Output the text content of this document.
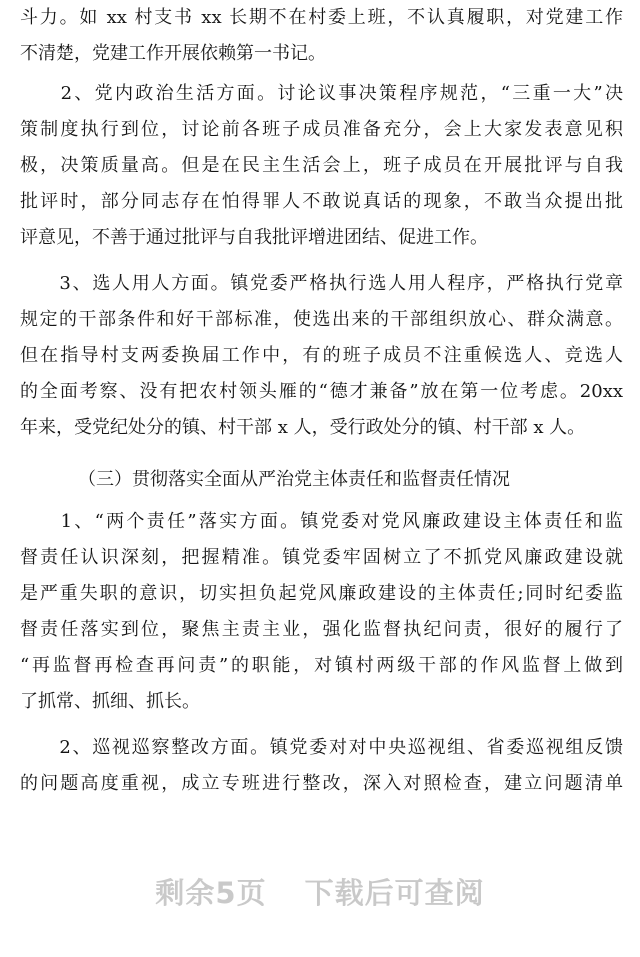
斗力。如 xx 村支书 xx 长期不在村委上班，不认真履职，对党建工作
不清楚，党建工作开展依赖第一书记。
　　2、党内政治生活方面。讨论议事决策程序规范，“三重一大”决
策制度执行到位，讨论前各班子成员准备充分，会上大家发表意见积
极，决策质量高。但是在民主生活会上，班子成员在开展批评与自我
批评时，部分同志存在怕得罪人不敢说真话的现象，不敢当众提出批
评意见，不善于通过批评与自我批评增进团结、促进工作。
　　3、选人用人方面。镇党委严格执行选人用人程序，严格执行党章
规定的干部条件和好干部标准，使选出来的干部组织放心、群众满意。
但在指导村支两委换届工作中，有的班子成员不注重候选人、竞选人
的全面考察、没有把农村领头雁的“德才兼备”放在第一位考虑。20xx
年来，受党纪处分的镇、村干部 x 人，受行政处分的镇、村干部 x 人。
（三）贯彻落实全面从严治党主体责任和监督责任情况
　　1、“两个责任”落实方面。镇党委对党风廉政建设主体责任和监
督责任认识深刻，把握精准。镇党委牢固树立了不抓党风廉政建设就
是严重失职的意识，切实担负起党风廉政建设的主体责任;同时纪委监
督责任落实到位，聚焦主责主业，强化监督执纪问责，很好的履行了
“再监督再检查再问责”的职能，对镇村两级干部的作风监督上做到
了抓常、抓细、抓长。
　　2、巡视巡察整改方面。镇党委对对中央巡视组、省委巡视组反馈
的问题高度重视，成立专班进行整改，深入对照检查，建立问题清单
剩余5页 下载后可查阅
